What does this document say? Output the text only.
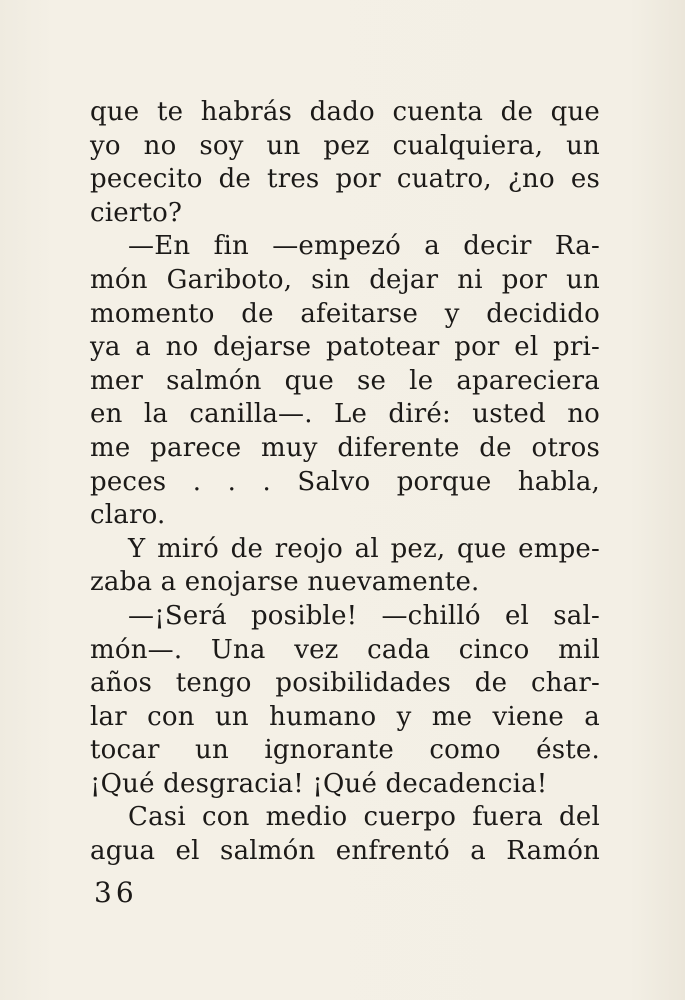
que te habrás dado cuenta de que
yo no soy un pez cualquiera, un
pececito de tres por cuatro, ¿no es
cierto?
—En fin —empezó a decir Ra-
món Gariboto, sin dejar ni por un
momento de afeitarse y decidido
ya a no dejarse patotear por el pri-
mer salmón que se le apareciera
en la canilla—. Le diré: usted no
me parece muy diferente de otros
peces . . . Salvo porque habla,
claro.
Y miró de reojo al pez, que empe-
zaba a enojarse nuevamente.
—¡Será posible! —chilló el sal-
món—. Una vez cada cinco mil
años tengo posibilidades de char-
lar con un humano y me viene a
tocar un ignorante como éste.
¡Qué desgracia! ¡Qué decadencia!
Casi con medio cuerpo fuera del
agua el salmón enfrentó a Ramón
36
